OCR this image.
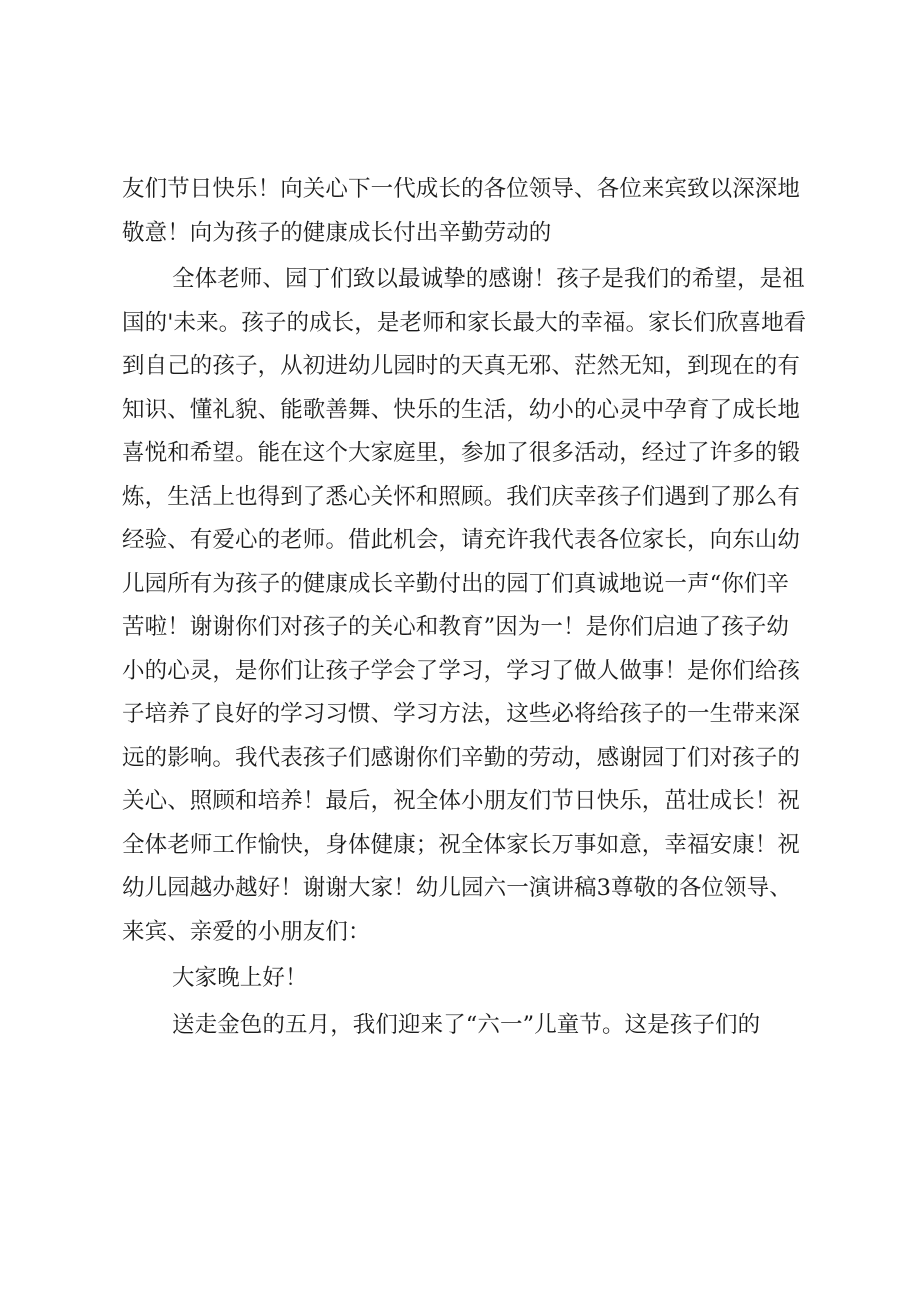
友们节日快乐！向关心下一代成长的各位领导、各位来宾致以深深地
敬意！向为孩子的健康成长付出辛勤劳动的
全体老师、园丁们致以最诚挚的感谢！孩子是我们的希望，是祖
国的'未来。孩子的成长，是老师和家长最大的幸福。家长们欣喜地看
到自己的孩子，从初进幼儿园时的天真无邪、茫然无知，到现在的有
知识、懂礼貌、能歌善舞、快乐的生活，幼小的心灵中孕育了成长地
喜悦和希望。能在这个大家庭里，参加了很多活动，经过了许多的锻
炼，生活上也得到了悉心关怀和照顾。我们庆幸孩子们遇到了那么有
经验、有爱心的老师。借此机会，请充许我代表各位家长，向东山幼
儿园所有为孩子的健康成长辛勤付出的园丁们真诚地说一声“你们辛
苦啦！谢谢你们对孩子的关心和教育”因为一！是你们启迪了孩子幼
小的心灵，是你们让孩子学会了学习，学习了做人做事！是你们给孩
子培养了良好的学习习惯、学习方法，这些必将给孩子的一生带来深
远的影响。我代表孩子们感谢你们辛勤的劳动，感谢园丁们对孩子的
关心、照顾和培养！最后，祝全体小朋友们节日快乐，茁壮成长！祝
全体老师工作愉快，身体健康；祝全体家长万事如意，幸福安康！祝
幼儿园越办越好！谢谢大家！幼儿园六一演讲稿3尊敬的各位领导、
来宾、亲爱的小朋友们：
大家晚上好！
送走金色的五月，我们迎来了“六一”儿童节。这是孩子们的
